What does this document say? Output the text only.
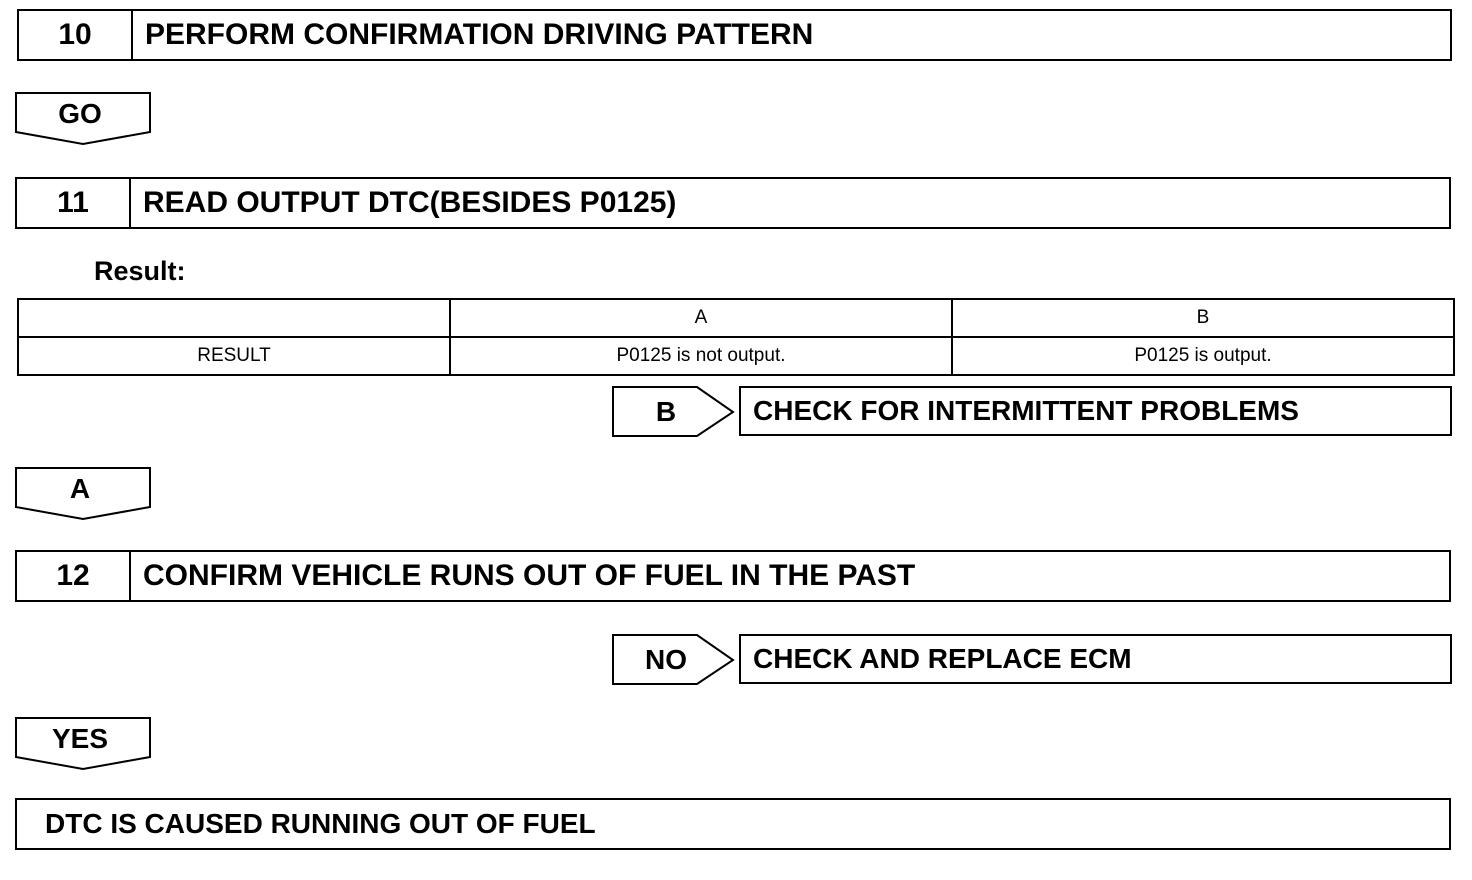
10	PERFORM CONFIRMATION DRIVING PATTERN
GO
11	READ OUTPUT DTC(BESIDES P0125)
Result:
	A	B
RESULT	P0125 is not output.	P0125 is output.
B	CHECK FOR INTERMITTENT PROBLEMS
A
12	CONFIRM VEHICLE RUNS OUT OF FUEL IN THE PAST
NO	CHECK AND REPLACE ECM
YES
DTC IS CAUSED RUNNING OUT OF FUEL
